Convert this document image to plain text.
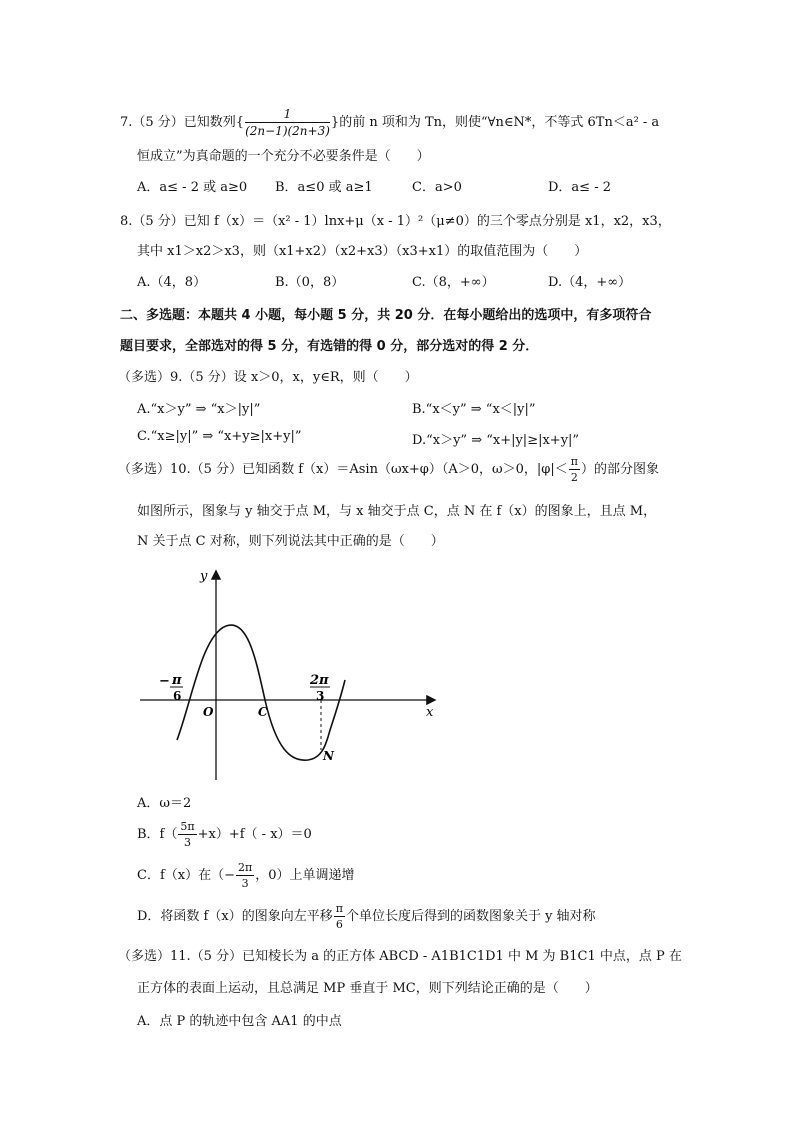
7.（5 分）已知数列{ $\frac{1}{(2n-1)(2n+3)}$ }的前 n 项和为 Tn，则使“∀n∈N*，不等式 6Tn＜a² ‑ a
恒成立”为真命题的一个充分不必要条件是（　　）
A．a≤ ‑ 2 或 a≥0 B．a≤0 或 a≥1	C．a>0	D．a≤ ‑ 2
8.（5 分）已知 f（x）＝（x² ‑ 1）lnx+μ（x ‑ 1）²（μ≠0）的三个零点分别是 x1，x2，x3，
其中 x1＞x2＞x3，则（x1+x2）（x2+x3）（x3+x1）的取值范围为（　　）
A.（4，8）	B.（0，8）	C.（8，+∞）	D.（4，+∞）
二、多选题：本题共 4 小题，每小题 5 分，共 20 分．在每小题给出的选项中，有多项符合
题目要求，全部选对的得 5 分，有选错的得 0 分，部分选对的得 2 分．
（多选）9.（5 分）设 x＞0，x，y∈R，则（　　）
A.“x＞y” ⇒ “x＞|y|”	B.“x＜y” ⇒ “x＜|y|”
C.“x≥|y|” ⇒ “x+y≥|x+y|”	D.“x＞y” ⇒ “x+|y|≥|x+y|”
（多选）10.（5 分）已知函数 f（x）＝Asin（ωx+φ）（A＞0，ω＞0，$|\varphi|< \frac{\pi}{2}$ ）的部分图象
如图所示，图象与 y 轴交于点 M，与 x 轴交于点 C，点 N 在 f（x）的图象上，且点 M，
N 关于点 C 对称，则下列说法其中正确的是（　　）
y
x
O	C
N
− π
6
2π
3
A．ω＝2
B．$f( \frac{5\pi}{3} +x)+f$（ ‑ x）＝0
C．f（x）在（− $\frac{2\pi}{3}$ ，0）上单调递增
D．将函数 f（x）的图象向左平移 $\frac{\pi}{6}$ 个单位长度后得到的函数图象关于 y 轴对称
（多选）11.（5 分）已知棱长为 a 的正方体 ABCD ‑ A1B1C1D1 中 M 为 B1C1 中点，点 P 在
正方体的表面上运动，且总满足 MP 垂直于 MC，则下列结论正确的是（　　）
A．点 P 的轨迹中包含 AA1 的中点
